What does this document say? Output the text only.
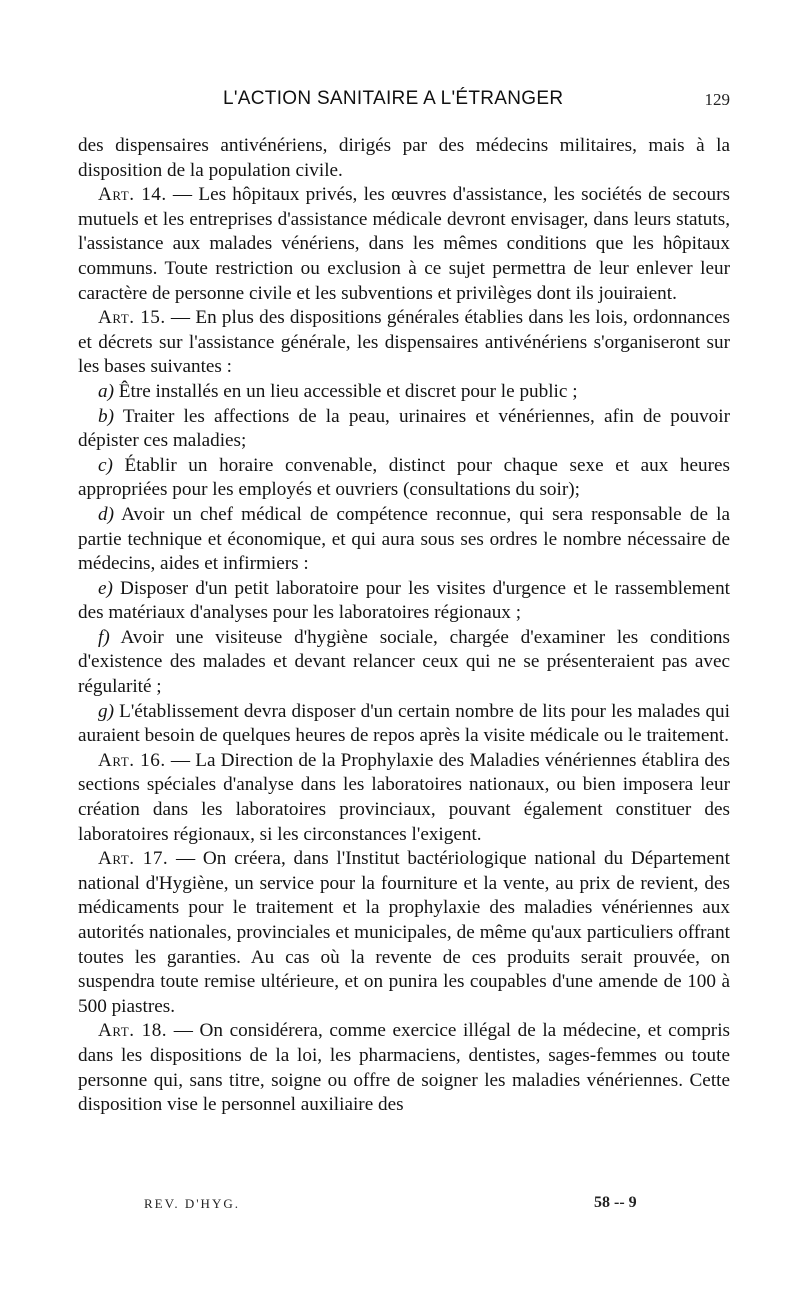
L'ACTION SANITAIRE A L'ÉTRANGER	129

des dispensaires antivénériens, dirigés par des médecins militaires, mais à la disposition de la population civile.

Art. 14. — Les hôpitaux privés, les œuvres d'assistance, les sociétés de secours mutuels et les entreprises d'assistance médicale devront envisager, dans leurs statuts, l'assistance aux malades vénériens, dans les mêmes conditions que les hôpitaux communs. Toute restriction ou exclusion à ce sujet permettra de leur enlever leur caractère de personne civile et les subventions et privilèges dont ils jouiraient.

Art. 15. — En plus des dispositions générales établies dans les lois, ordonnances et décrets sur l'assistance générale, les dispensaires antivénériens s'organiseront sur les bases suivantes :

a) Être installés en un lieu accessible et discret pour le public ;

b) Traiter les affections de la peau, urinaires et vénériennes, afin de pouvoir dépister ces maladies;

c) Établir un horaire convenable, distinct pour chaque sexe et aux heures appropriées pour les employés et ouvriers (consultations du soir);

d) Avoir un chef médical de compétence reconnue, qui sera responsable de la partie technique et économique, et qui aura sous ses ordres le nombre nécessaire de médecins, aides et infirmiers :

e) Disposer d'un petit laboratoire pour les visites d'urgence et le rassemblement des matériaux d'analyses pour les laboratoires régionaux ;

f) Avoir une visiteuse d'hygiène sociale, chargée d'examiner les conditions d'existence des malades et devant relancer ceux qui ne se présenteraient pas avec régularité ;

g) L'établissement devra disposer d'un certain nombre de lits pour les malades qui auraient besoin de quelques heures de repos après la visite médicale ou le traitement.

Art. 16. — La Direction de la Prophylaxie des Maladies vénériennes établira des sections spéciales d'analyse dans les laboratoires nationaux, ou bien imposera leur création dans les laboratoires provinciaux, pouvant également constituer des laboratoires régionaux, si les circonstances l'exigent.

Art. 17. — On créera, dans l'Institut bactériologique national du Département national d'Hygiène, un service pour la fourniture et la vente, au prix de revient, des médicaments pour le traitement et la prophylaxie des maladies vénériennes aux autorités nationales, provinciales et municipales, de même qu'aux particuliers offrant toutes les garanties. Au cas où la revente de ces produits serait prouvée, on suspendra toute remise ultérieure, et on punira les coupables d'une amende de 100 à 500 piastres.

Art. 18. — On considérera, comme exercice illégal de la médecine, et compris dans les dispositions de la loi, les pharmaciens, dentistes, sages-femmes ou toute personne qui, sans titre, soigne ou offre de soigner les maladies vénériennes. Cette disposition vise le personnel auxiliaire des

REV. D'HYG.	58 -- 9
